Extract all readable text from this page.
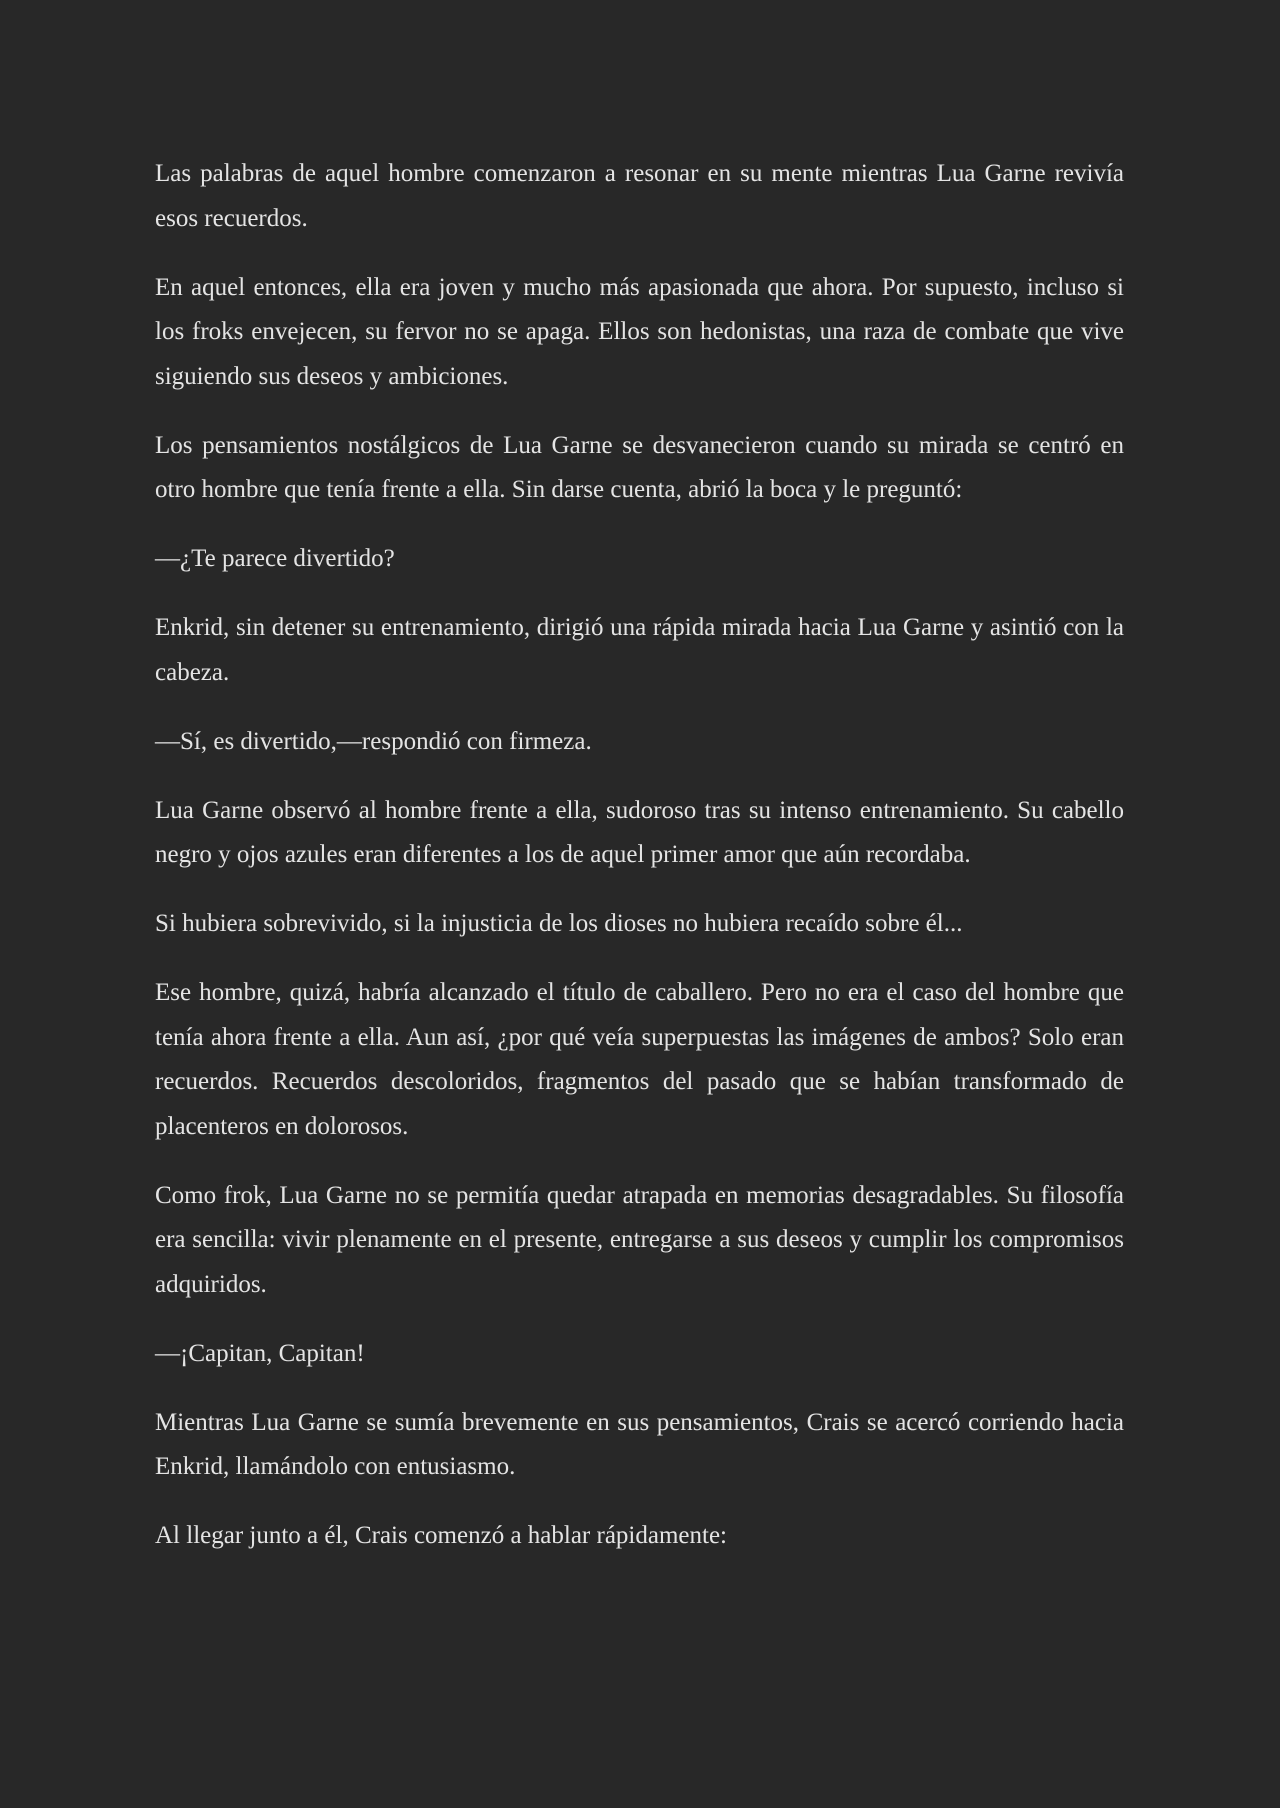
Las palabras de aquel hombre comenzaron a resonar en su mente mientras Lua Garne revivía esos recuerdos.

En aquel entonces, ella era joven y mucho más apasionada que ahora. Por supuesto, incluso si los froks envejecen, su fervor no se apaga. Ellos son hedonistas, una raza de combate que vive siguiendo sus deseos y ambiciones.

Los pensamientos nostálgicos de Lua Garne se desvanecieron cuando su mirada se centró en otro hombre que tenía frente a ella. Sin darse cuenta, abrió la boca y le preguntó:

—¿Te parece divertido?

Enkrid, sin detener su entrenamiento, dirigió una rápida mirada hacia Lua Garne y asintió con la cabeza.

—Sí, es divertido,—respondió con firmeza.

Lua Garne observó al hombre frente a ella, sudoroso tras su intenso entrenamiento. Su cabello negro y ojos azules eran diferentes a los de aquel primer amor que aún recordaba.

Si hubiera sobrevivido, si la injusticia de los dioses no hubiera recaído sobre él...

Ese hombre, quizá, habría alcanzado el título de caballero. Pero no era el caso del hombre que tenía ahora frente a ella. Aun así, ¿por qué veía superpuestas las imágenes de ambos? Solo eran recuerdos. Recuerdos descoloridos, fragmentos del pasado que se habían transformado de placenteros en dolorosos.

Como frok, Lua Garne no se permitía quedar atrapada en memorias desagradables. Su filosofía era sencilla: vivir plenamente en el presente, entregarse a sus deseos y cumplir los compromisos adquiridos.

—¡Capitan, Capitan!

Mientras Lua Garne se sumía brevemente en sus pensamientos, Crais se acercó corriendo hacia Enkrid, llamándolo con entusiasmo.

Al llegar junto a él, Crais comenzó a hablar rápidamente:
